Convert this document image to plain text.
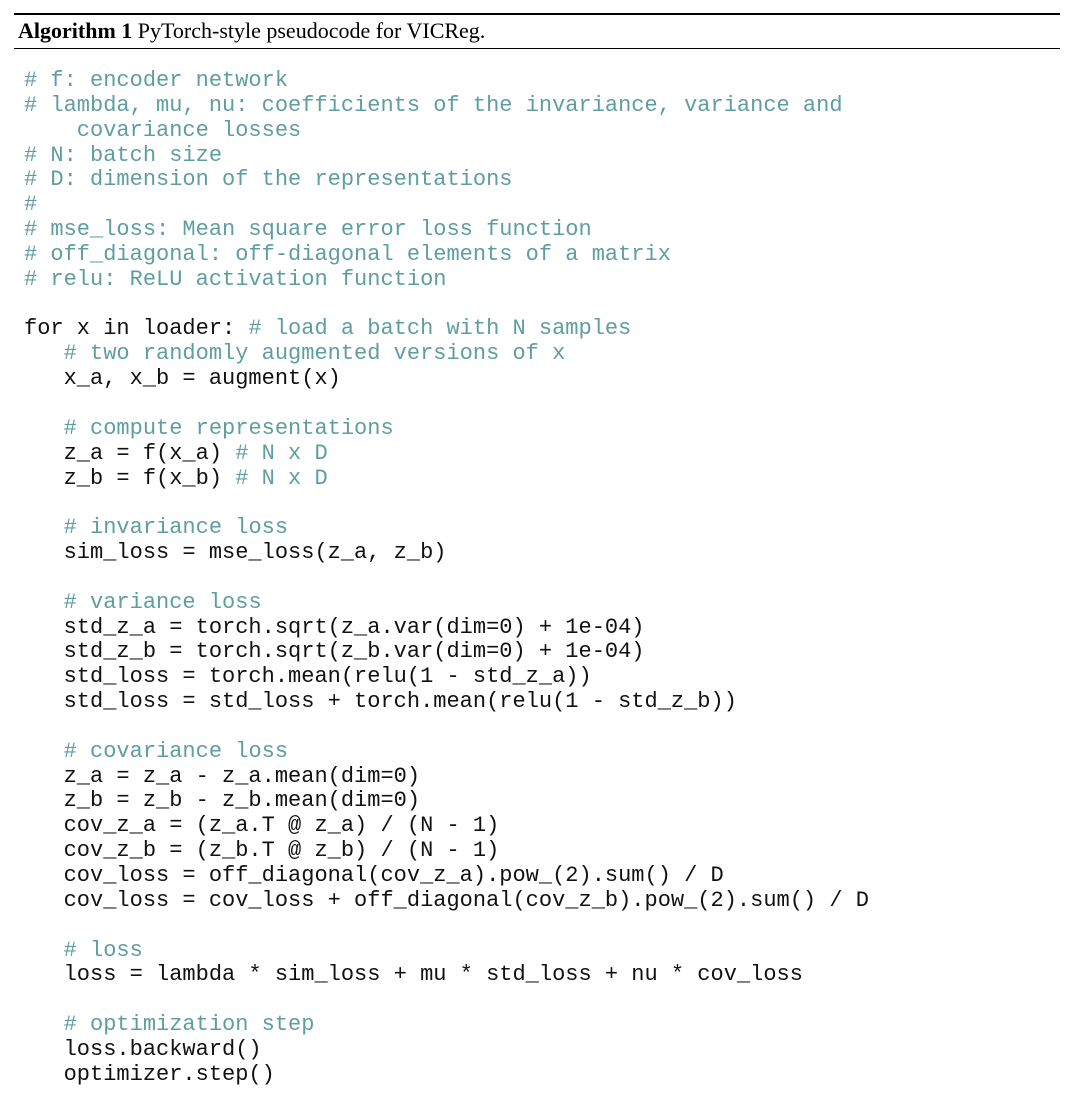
Algorithm 1 PyTorch-style pseudocode for VICReg.
# f: encoder network
# lambda, mu, nu: coefficients of the invariance, variance and
covariance losses
# N: batch size
# D: dimension of the representations
#
# mse_loss: Mean square error loss function
# off_diagonal: off-diagonal elements of a matrix
# relu: ReLU activation function
for x in loader: # load a batch with N samples
# two randomly augmented versions of x
x_a, x_b = augment(x)
# compute representations
z_a = f(x_a) # N x D
z_b = f(x_b) # N x D
# invariance loss
sim_loss = mse_loss(z_a, z_b)
# variance loss
std_z_a = torch.sqrt(z_a.var(dim=0) + 1e-04)
std_z_b = torch.sqrt(z_b.var(dim=0) + 1e-04)
std_loss = torch.mean(relu(1 - std_z_a))
std_loss = std_loss + torch.mean(relu(1 - std_z_b))
# covariance loss
z_a = z_a - z_a.mean(dim=0)
z_b = z_b - z_b.mean(dim=0)
cov_z_a = (z_a.T @ z_a) / (N - 1)
cov_z_b = (z_b.T @ z_b) / (N - 1)
cov_loss = off_diagonal(cov_z_a).pow_(2).sum() / D
cov_loss = cov_loss + off_diagonal(cov_z_b).pow_(2).sum() / D
# loss
loss = lambda * sim_loss + mu * std_loss + nu * cov_loss
# optimization step
loss.backward()
optimizer.step()
